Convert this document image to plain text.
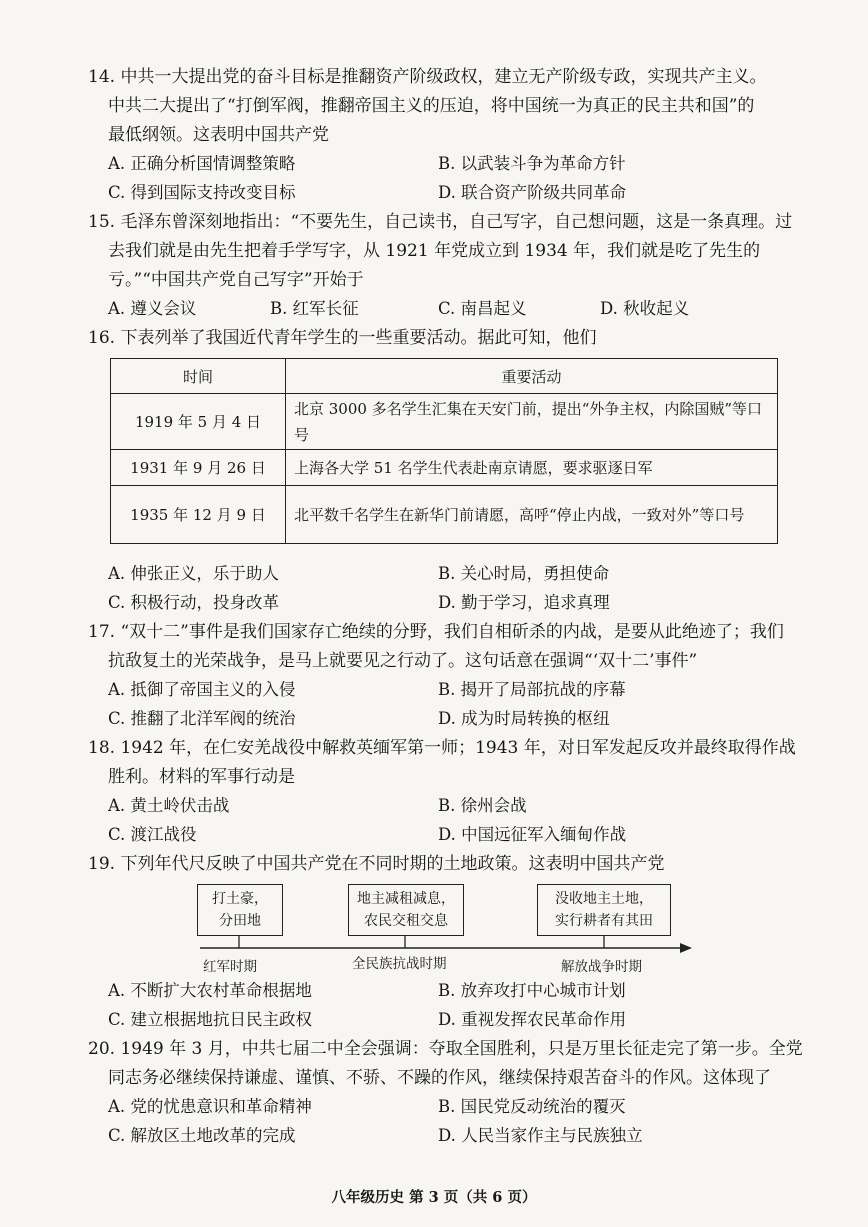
14. 中共一大提出党的奋斗目标是推翻资产阶级政权，建立无产阶级专政，实现共产主义。
中共二大提出了“打倒军阀，推翻帝国主义的压迫，将中国统一为真正的民主共和国”的
最低纲领。这表明中国共产党
A. 正确分析国情调整策略	B. 以武装斗争为革命方针
C. 得到国际支持改变目标	D. 联合资产阶级共同革命
15. 毛泽东曾深刻地指出：“不要先生，自己读书，自己写字，自己想问题，这是一条真理。过
去我们就是由先生把着手学写字，从 1921 年党成立到 1934 年，我们就是吃了先生的
亏。”“中国共产党自己写字”开始于
A. 遵义会议	B. 红军长征	C. 南昌起义	D. 秋收起义
16. 下表列举了我国近代青年学生的一些重要活动。据此可知，他们
时间	重要活动
1919 年 5 月 4 日	北京 3000 多名学生汇集在天安门前，提出“外争主权，内除国贼”等口号
1931 年 9 月 26 日	上海各大学 51 名学生代表赴南京请愿，要求驱逐日军
1935 年 12 月 9 日	北平数千名学生在新华门前请愿，高呼“停止内战，一致对外”等口号
A. 伸张正义，乐于助人	B. 关心时局，勇担使命
C. 积极行动，投身改革	D. 勤于学习，追求真理
17. “双十二”事件是我们国家存亡绝续的分野，我们自相斫杀的内战，是要从此绝迹了；我们
抗敌复土的光荣战争，是马上就要见之行动了。这句话意在强调“‘双十二’事件”
A. 抵御了帝国主义的入侵	B. 揭开了局部抗战的序幕
C. 推翻了北洋军阀的统治	D. 成为时局转换的枢纽
18. 1942 年，在仁安羌战役中解救英缅军第一师；1943 年，对日军发起反攻并最终取得作战
胜利。材料的军事行动是
A. 黄土岭伏击战	B. 徐州会战
C. 渡江战役	D. 中国远征军入缅甸作战
19. 下列年代尺反映了中国共产党在不同时期的土地政策。这表明中国共产党
打土豪，
分田地
地主减租减息，
农民交租交息
没收地主土地，
实行耕者有其田
红军时期	全民族抗战时期	解放战争时期
A. 不断扩大农村革命根据地	B. 放弃攻打中心城市计划
C. 建立根据地抗日民主政权	D. 重视发挥农民革命作用
20. 1949 年 3 月，中共七届二中全会强调：夺取全国胜利，只是万里长征走完了第一步。全党
同志务必继续保持谦虚、谨慎、不骄、不躁的作风，继续保持艰苦奋斗的作风。这体现了
A. 党的忧患意识和革命精神	B. 国民党反动统治的覆灭
C. 解放区土地改革的完成	D. 人民当家作主与民族独立
八年级历史 第 3 页（共 6 页）
